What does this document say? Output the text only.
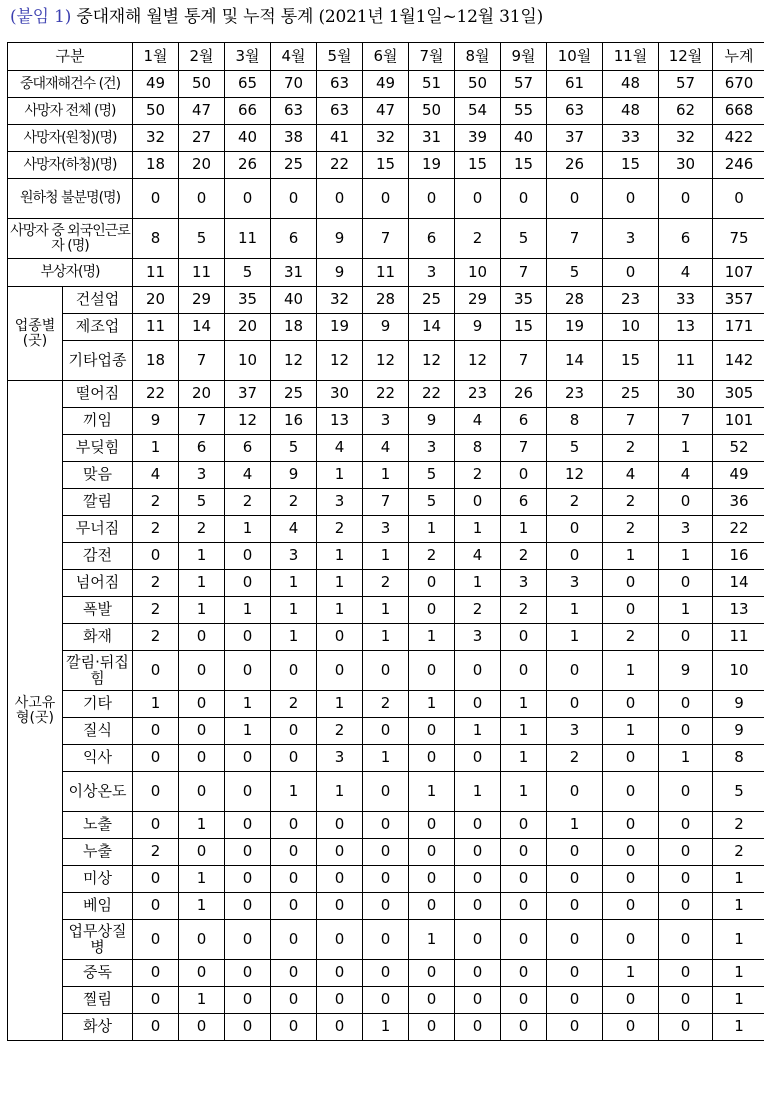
(붙임 1) 중대재해 월별 통계 및 누적 통계 (2021년 1월1일~12월 31일)
구분		1월	2월	3월	4월	5월	6월	7월	8월	9월	10월	11월	12월	누계
중대재해건수 (건)		49	50	65	70	63	49	51	50	57	61	48	57	670
사망자 전체 (명)		50	47	66	63	63	47	50	54	55	63	48	62	668
사망자(원청)(명)		32	27	40	38	41	32	31	39	40	37	33	32	422
사망자(하청)(명)		18	20	26	25	22	15	19	15	15	26	15	30	246
원하청 불분명(명)		0	0	0	0	0	0	0	0	0	0	0	0	0
사망자 중 외국인근로자 (명)		8	5	11	6	9	7	6	2	5	7	3	6	75
부상자(명)		11	11	5	31	9	11	3	10	7	5	0	4	107
업종별(곳)	건설업	20	29	35	40	32	28	25	29	35	28	23	33	357
	제조업	11	14	20	18	19	9	14	9	15	19	10	13	171
	기타업종	18	7	10	12	12	12	12	12	7	14	15	11	142
사고유형(곳)	떨어짐	22	20	37	25	30	22	22	23	26	23	25	30	305
	끼임	9	7	12	16	13	3	9	4	6	8	7	7	101
	부딪힘	1	6	6	5	4	4	3	8	7	5	2	1	52
	맞음	4	3	4	9	1	1	5	2	0	12	4	4	49
	깔림	2	5	2	2	3	7	5	0	6	2	2	0	36
	무너짐	2	2	1	4	2	3	1	1	1	0	2	3	22
	감전	0	1	0	3	1	1	2	4	2	0	1	1	16
	넘어짐	2	1	0	1	1	2	0	1	3	3	0	0	14
	폭발	2	1	1	1	1	1	0	2	2	1	0	1	13
	화재	2	0	0	1	0	1	1	3	0	1	2	0	11
	깔림·뒤집힘	0	0	0	0	0	0	0	0	0	0	1	9	10
	기타	1	0	1	2	1	2	1	0	1	0	0	0	9
	질식	0	0	1	0	2	0	0	1	1	3	1	0	9
	익사	0	0	0	0	3	1	0	0	1	2	0	1	8
	이상온도	0	0	0	1	1	0	1	1	1	0	0	0	5
	노출	0	1	0	0	0	0	0	0	0	1	0	0	2
	누출	2	0	0	0	0	0	0	0	0	0	0	0	2
	미상	0	1	0	0	0	0	0	0	0	0	0	0	1
	베임	0	1	0	0	0	0	0	0	0	0	0	0	1
	업무상질병	0	0	0	0	0	0	1	0	0	0	0	0	1
	중독	0	0	0	0	0	0	0	0	0	0	1	0	1
	찔림	0	1	0	0	0	0	0	0	0	0	0	0	1
	화상	0	0	0	0	0	1	0	0	0	0	0	0	1
